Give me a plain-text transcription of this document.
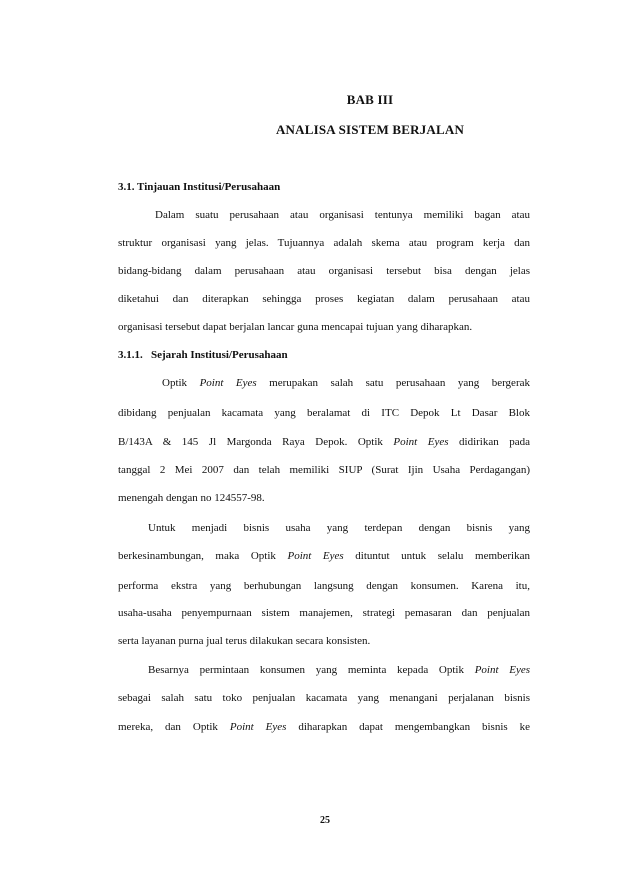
BAB III
ANALISA SISTEM BERJALAN
3.1. Tinjauan Institusi/Perusahaan
Dalam suatu perusahaan atau organisasi tentunya memiliki bagan atau
struktur organisasi yang jelas. Tujuannya adalah skema atau program kerja dan
bidang-bidang dalam perusahaan atau organisasi tersebut bisa dengan jelas
diketahui dan diterapkan sehingga proses kegiatan dalam perusahaan atau
organisasi tersebut dapat berjalan lancar guna mencapai tujuan yang diharapkan.
3.1.1. Sejarah Institusi/Perusahaan
Optik Point Eyes merupakan salah satu perusahaan yang bergerak
dibidang penjualan kacamata yang beralamat di ITC Depok Lt Dasar Blok
B/143A & 145 Jl Margonda Raya Depok. Optik Point Eyes didirikan pada
tanggal 2 Mei 2007 dan telah memiliki SIUP (Surat Ijin Usaha Perdagangan)
menengah dengan no 124557-98.
Untuk menjadi bisnis usaha yang terdepan dengan bisnis yang
berkesinambungan, maka Optik Point Eyes dituntut untuk selalu memberikan
performa ekstra yang berhubungan langsung dengan konsumen. Karena itu,
usaha-usaha penyempurnaan sistem manajemen, strategi pemasaran dan penjualan
serta layanan purna jual terus dilakukan secara konsisten.
Besarnya permintaan konsumen yang meminta kepada Optik Point Eyes
sebagai salah satu toko penjualan kacamata yang menangani perjalanan bisnis
mereka, dan Optik Point Eyes diharapkan dapat mengembangkan bisnis ke
25
